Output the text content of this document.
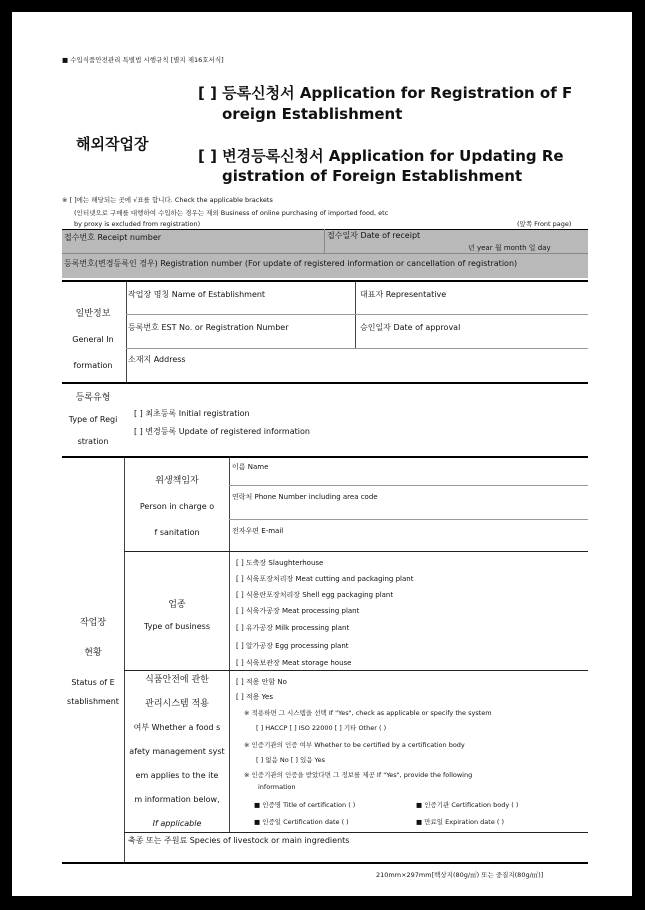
■ 수입식품안전관리 특별법 시행규칙 [별지 제16호서식]
해외작업장
[ ] 등록신청서 Application for Registration of F
oreign Establishment
[ ] 변경등록신청서 Application for Updating Re
gistration of Foreign Establishment
※ [ ]에는 해당되는 곳에 √표를 합니다. Check the applicable brackets
(인터넷으로 구매를 대행하여 수입하는 경우는 제외 Business of online purchasing of imported food, etc
by proxy is excluded from registration)	(앞쪽 Front page)
접수번호 Receipt number	접수일자 Date of receipt
년 year 월 month 일 day
등록번호(변경등록인 경우) Registration number (For update of registered information or cancellation of registration)
일반정보
General In
formation
작업장 명칭 Name of Establishment	대표자 Representative
등록번호 EST No. or Registration Number	승인일자 Date of approval
소재지 Address
등록유형
Type of Regi
stration
[ ] 최초등록 Initial registration
[ ] 변경등록 Update of registered information
작업장
현황
Status of E
stablishment
위생책임자
Person in charge o
f sanitation
이름 Name
연락처 Phone Number including area code
전자우편 E-mail
업종
Type of business
[ ] 도축장 Slaughterhouse
[ ] 식육포장처리장 Meat cutting and packaging plant
[ ] 식용란포장처리장 Shell egg packaging plant
[ ] 식육가공장 Meat processing plant
[ ] 유가공장 Milk processing plant
[ ] 알가공장 Egg processing plant
[ ] 식육보관장 Meat storage house
식품안전에 관한
관리시스템 적용
여부 Whether a food s
afety management syst
em applies to the ite
m information below,
If applicable
[ ] 적용 안함 No
[ ] 적용 Yes
※ 적용하면 그 시스템을 선택 If "Yes", check as applicable or specify the system
[ ] HACCP [ ] ISO 22000 [ ] 기타 Other ( )
※ 인증기관의 인증 여부 Whether to be certified by a certification body
[ ] 없음 No [ ] 있음 Yes
※ 인증기관의 인증을 받았다면 그 정보를 제공 If "Yes", provide the following
information
■ 인증명 Title of certification ( )	■ 인증기관 Certification body ( )
■ 인증일 Certification date ( )	■ 만료일 Expiration date ( )
축종 또는 주원료 Species of livestock or main ingredients
210mm×297mm[백상지(80g/㎡) 또는 중질지(80g/㎡)]
